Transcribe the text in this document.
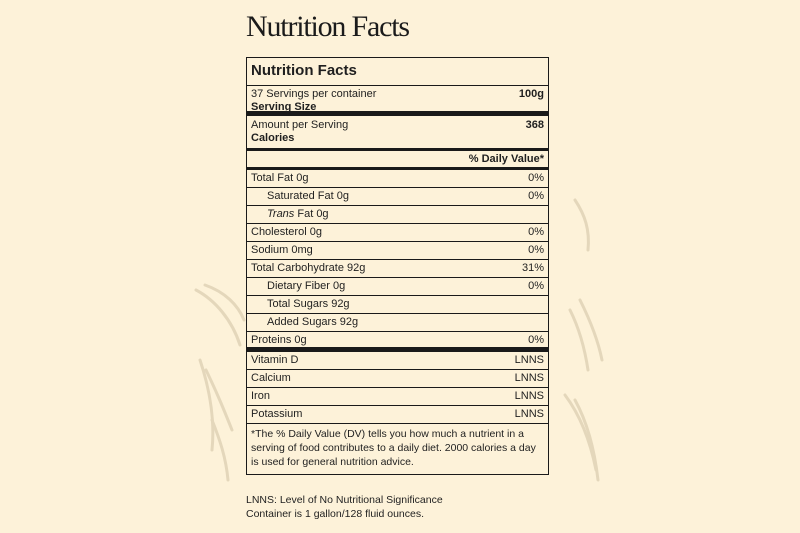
Nutrition Facts
Nutrition Facts
37 Servings per container	100g
Serving Size
Amount per Serving	368
Calories
% Daily Value*
Total Fat 0g	0%
Saturated Fat 0g	0%
Trans Fat 0g
Cholesterol 0g	0%
Sodium 0mg	0%
Total Carbohydrate 92g	31%
Dietary Fiber 0g	0%
Total Sugars 92g
Added Sugars 92g
Proteins 0g	0%
Vitamin D	LNNS
Calcium	LNNS
Iron	LNNS
Potassium	LNNS
*The % Daily Value (DV) tells you how much a nutrient in a serving of food contributes to a daily diet. 2000 calories a day is used for general nutrition advice.
LNNS: Level of No Nutritional Significance
Container is 1 gallon/128 fluid ounces.
